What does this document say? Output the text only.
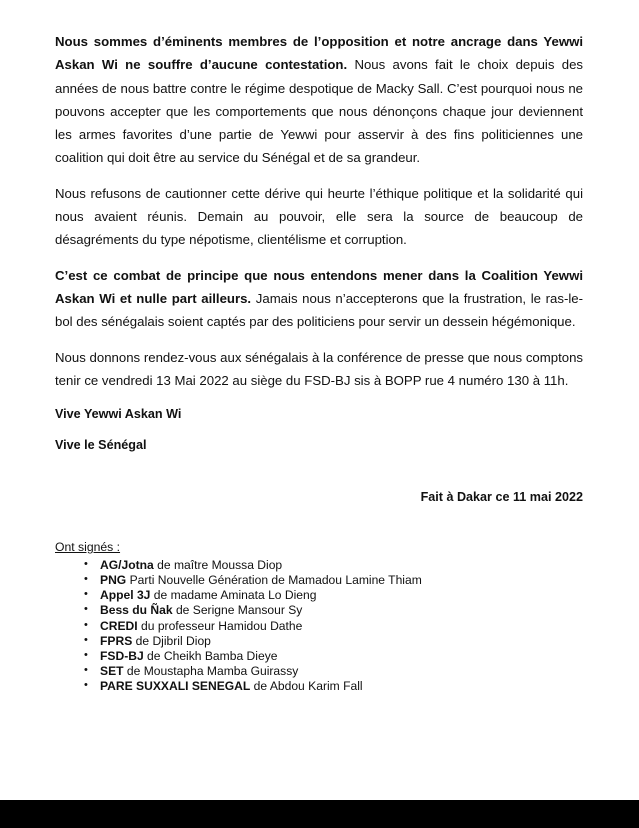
Nous sommes d’éminents membres de l’opposition et notre ancrage dans Yewwi Askan Wi ne souffre d’aucune contestation. Nous avons fait le choix depuis des années de nous battre contre le régime despotique de Macky Sall. C’est pourquoi nous ne pouvons accepter que les comportements que nous dénonçons chaque jour deviennent les armes favorites d’une partie de Yewwi pour asservir à des fins politiciennes une coalition qui doit être au service du Sénégal et de sa grandeur.

Nous refusons de cautionner cette dérive qui heurte l’éthique politique et la solidarité qui nous avaient réunis. Demain au pouvoir, elle sera la source de beaucoup de désagréments du type népotisme, clientélisme et corruption.

C’est ce combat de principe que nous entendons mener dans la Coalition Yewwi Askan Wi et nulle part ailleurs. Jamais nous n’accepterons que la frustration, le ras-le-bol des sénégalais soient captés par des politiciens pour servir un dessein hégémonique.

Nous donnons rendez-vous aux sénégalais à la conférence de presse que nous comptons tenir ce vendredi 13 Mai 2022 au siège du FSD-BJ sis à BOPP rue 4 numéro 130 à 11h.

Vive Yewwi Askan Wi

Vive le Sénégal

Fait à Dakar ce 11 mai 2022

Ont signés :

• AG/Jotna de maître Moussa Diop
• PNG Parti Nouvelle Génération de Mamadou Lamine Thiam
• Appel 3J de madame Aminata Lo Dieng
• Bess du Ñak de Serigne Mansour Sy
• CREDI du professeur Hamidou Dathe
• FPRS de Djibril Diop
• FSD-BJ de Cheikh Bamba Dieye
• SET de Moustapha Mamba Guirassy
• PARE SUXXALI SENEGAL de Abdou Karim Fall
